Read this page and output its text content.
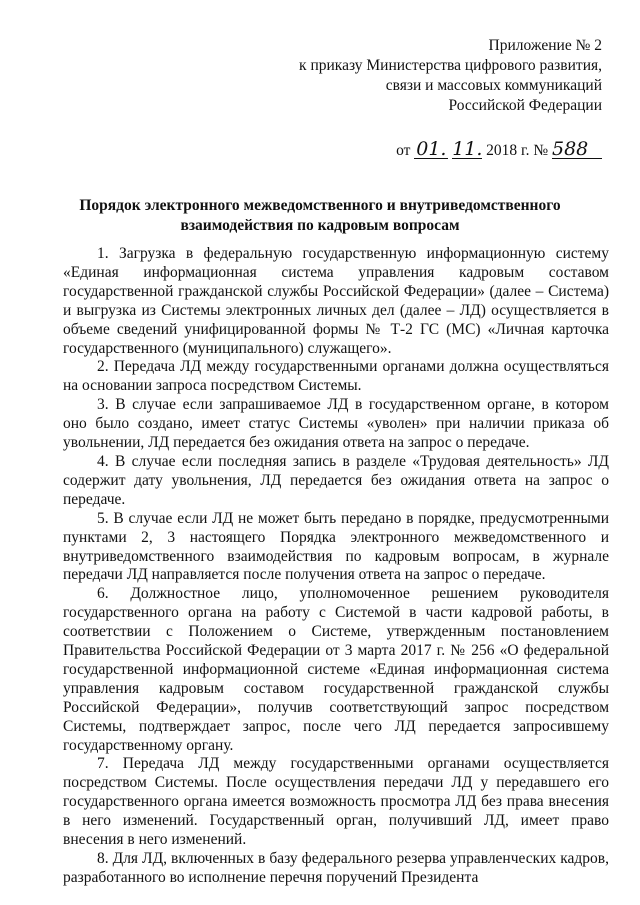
Приложение № 2
к приказу Министерства цифрового развития,
связи и массовых коммуникаций
Российской Федерации
от 01. 11. 2018 г. № 588
Порядок электронного межведомственного и внутриведомственного
взаимодействия по кадровым вопросам

1. Загрузка в федеральную государственную информационную систему «Единая информационная система управления кадровым составом государственной гражданской службы Российской Федерации» (далее – Система) и выгрузка из Системы электронных личных дел (далее – ЛД) осуществляется в объеме сведений унифицированной формы № Т-2 ГС (МС) «Личная карточка государственного (муниципального) служащего».

2. Передача ЛД между государственными органами должна осуществляться на основании запроса посредством Системы.

3. В случае если запрашиваемое ЛД в государственном органе, в котором оно было создано, имеет статус Системы «уволен» при наличии приказа об увольнении, ЛД передается без ожидания ответа на запрос о передаче.

4. В случае если последняя запись в разделе «Трудовая деятельность» ЛД содержит дату увольнения, ЛД передается без ожидания ответа на запрос о передаче.

5. В случае если ЛД не может быть передано в порядке, предусмотренными пунктами 2, 3 настоящего Порядка электронного межведомственного и внутриведомственного взаимодействия по кадровым вопросам, в журнале передачи ЛД направляется после получения ответа на запрос о передаче.

6. Должностное лицо, уполномоченное решением руководителя государственного органа на работу с Системой в части кадровой работы, в соответствии с Положением о Системе, утвержденным постановлением Правительства Российской Федерации от 3 марта 2017 г. № 256 «О федеральной государственной информационной системе «Единая информационная система управления кадровым составом государственной гражданской службы Российской Федерации», получив соответствующий запрос посредством Системы, подтверждает запрос, после чего ЛД передается запросившему государственному органу.

7. Передача ЛД между государственными органами осуществляется посредством Системы. После осуществления передачи ЛД у передавшего его государственного органа имеется возможность просмотра ЛД без права внесения в него изменений. Государственный орган, получивший ЛД, имеет право внесения в него изменений.

8. Для ЛД, включенных в базу федерального резерва управленческих кадров, разработанного во исполнение перечня поручений Президента
